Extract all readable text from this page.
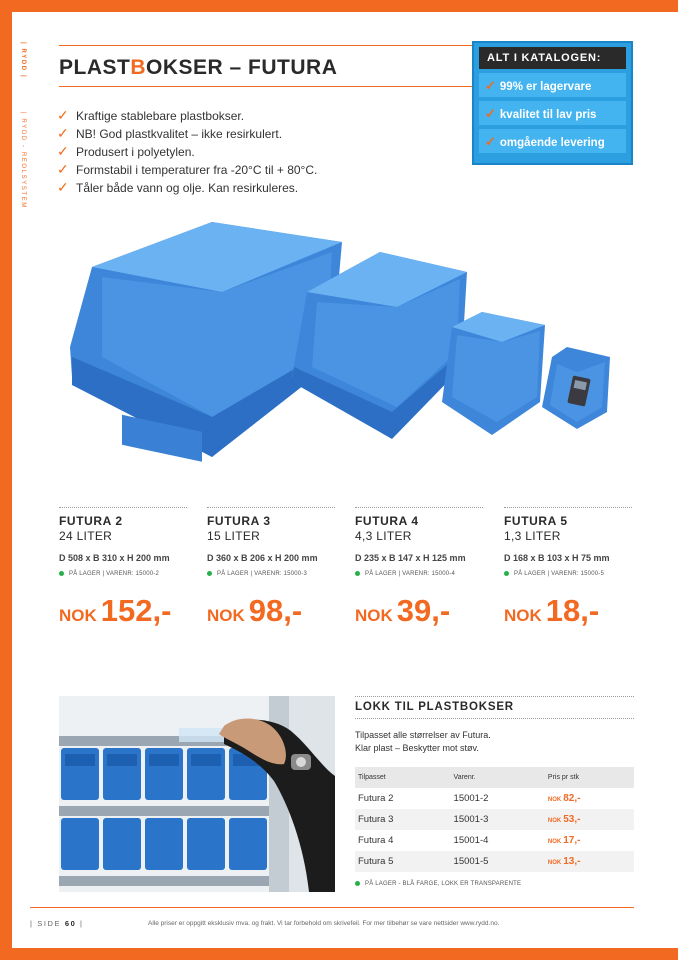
| RYDD |
| RYDD - REOLSYSTEM
PLASTBOKSER – FUTURA	ALT I KATALOGEN:
✓ 99% er lagervare
✓ kvalitet til lav pris
✓ omgående levering
✓ Kraftige stablebare plastbokser.
✓ NB! God plastkvalitet – ikke resirkulert.
✓ Produsert i polyetylen.
✓ Formstabil i temperaturer fra -20°C til + 80°C.
✓ Tåler både vann og olje. Kan resirkuleres.
FUTURA 2
24 LITER
D 508 x B 310 x H 200 mm
PÅ LAGER | VARENR: 15000-2
NOK 152,-
FUTURA 3
15 LITER
D 360 x B 206 x H 200 mm
PÅ LAGER | VARENR: 15000-3
NOK 98,-
FUTURA 4
4,3 LITER
D 235 x B 147 x H 125 mm
PÅ LAGER | VARENR: 15000-4
NOK 39,-
FUTURA 5
1,3 LITER
D 168 x B 103 x H 75 mm
PÅ LAGER | VARENR: 15000-5
NOK 18,-
LOKK TIL PLASTBOKSER
Tilpasset alle størrelser av Futura.
Klar plast – Beskytter mot støv.
Tilpasset	Varenr.	Pris pr stk
Futura 2	15001-2	NOK 82,-
Futura 3	15001-3	NOK 53,-
Futura 4	15001-4	NOK 17,-
Futura 5	15001-5	NOK 13,-
PÅ LAGER - BLÅ FARGE, LOKK ER TRANSPARENTE
| SIDE 60 |	Alle priser er oppgitt eksklusiv mva. og frakt. Vi tar forbehold om skrivefeil. For mer tilbehør se vare nettsider www.rydd.no.
